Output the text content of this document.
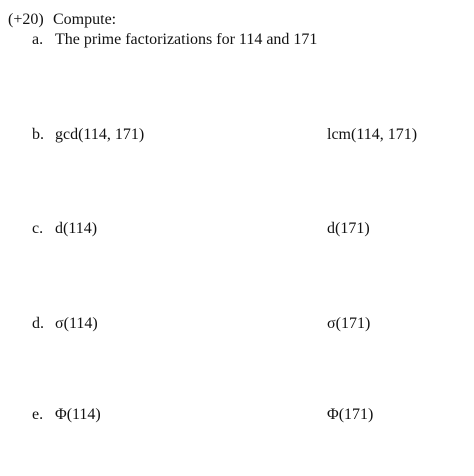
(+20) Compute:
a. The prime factorizations for 114 and 171
b. gcd(114, 171)	lcm(114, 171)
c. d(114)	d(171)
d. σ(114)	σ(171)
e. Φ(114)	Φ(171)
